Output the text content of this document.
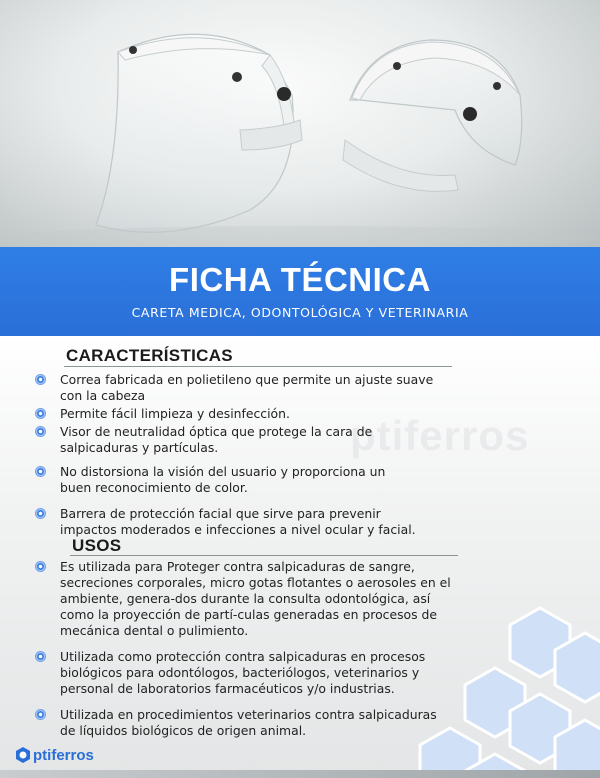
FICHA TÉCNICA
CARETA MEDICA, ODONTOLÓGICA Y VETERINARIA
ptiferros
CARACTERÍSTICAS
Correa fabricada en polietileno que permite un ajuste suave con la cabeza
Permite fácil limpieza y desinfección.
Visor de neutralidad óptica que protege la cara de salpicaduras y partículas.
No distorsiona la visión del usuario y proporciona un buen reconocimiento de color.
Barrera de protección facial que sirve para prevenir impactos moderados e infecciones a nivel ocular y facial.
USOS
Es utilizada para Proteger contra salpicaduras de sangre, secreciones corporales, micro gotas flotantes o aerosoles en el ambiente, genera-dos durante la consulta odontológica, así como la proyección de partí-culas generadas en procesos de mecánica dental o pulimiento.
Utilizada como protección contra salpicaduras en procesos biológicos para odontólogos, bacteriólogos, veterinarios y personal de laboratorios farmacéuticos y/o industrias.
Utilizada en procedimientos veterinarios contra salpicaduras de líquidos biológicos de origen animal.
ptiferros
